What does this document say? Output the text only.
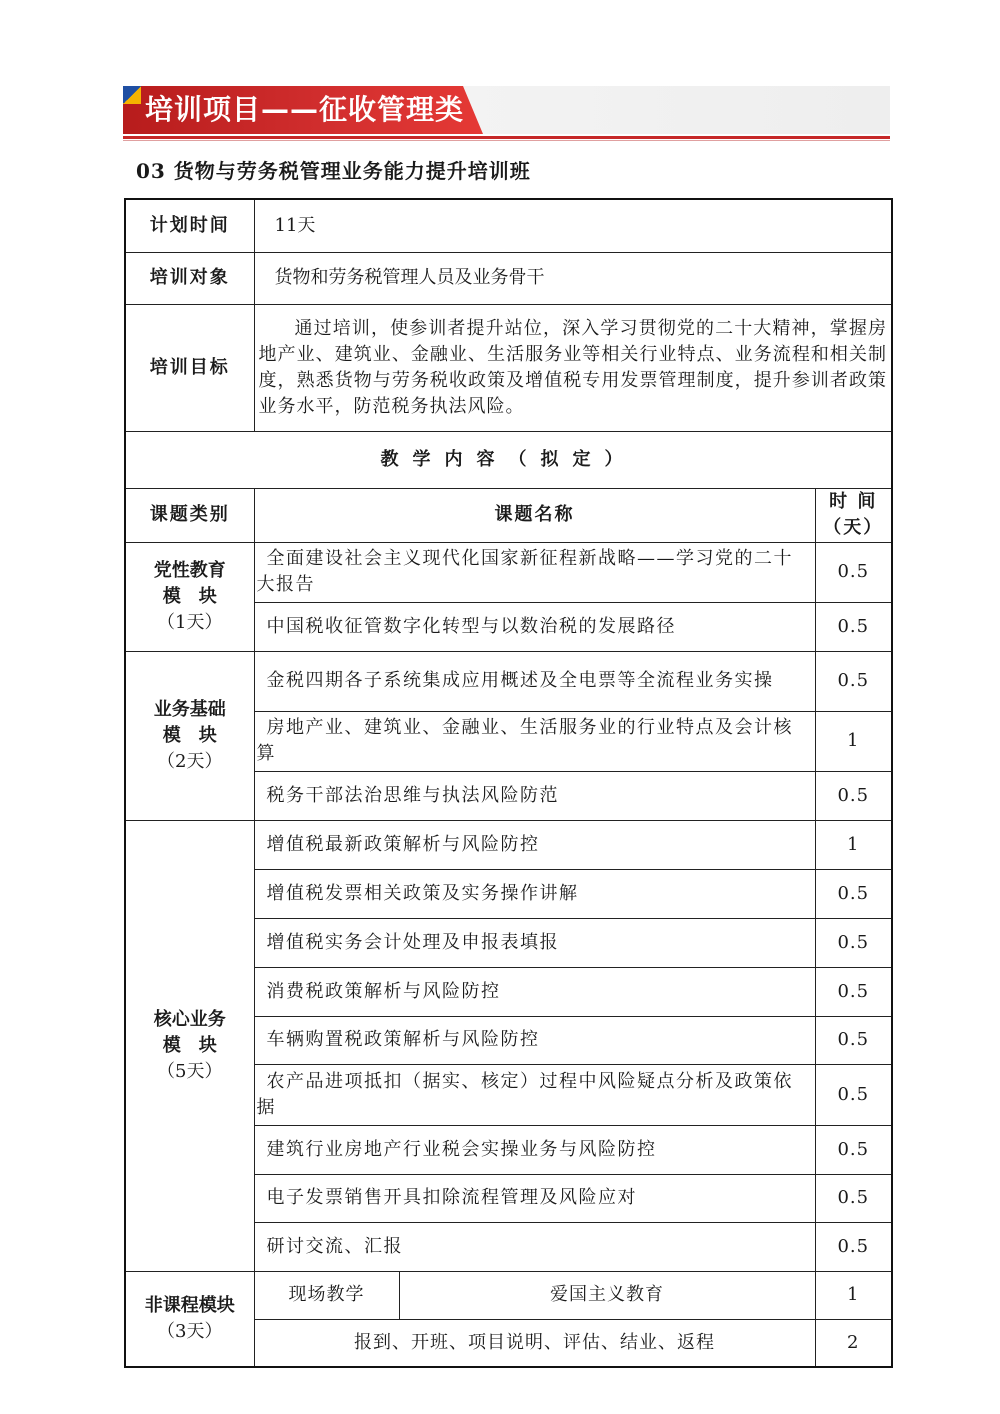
培训项目——征收管理类
03 货物与劳务税管理业务能力提升培训班
计划时间	11天		
培训对象	货物和劳务税管理人员及业务骨干		
培训目标	通过培训，使参训者提升站位，深入学习贯彻党的二十大精神，掌握房地产业、建筑业、金融业、生活服务业等相关行业特点、业务流程和相关制度，熟悉货物与劳务税收政策及增值税专用发票管理制度，提升参训者政策业务水平，防范税务执法风险。		
教学内容（拟定）			
课题类别	课题名称		时 间（天）

党性教育
模　块
（1天）	全面建设社会主义现代化国家新征程新战略——学习党的二十大报告		0.5
	中国税收征管数字化转型与以数治税的发展路径		0.5

业务基础
模　块
（2天）	金税四期各子系统集成应用概述及全电票等全流程业务实操		0.5
	房地产业、建筑业、金融业、生活服务业的行业特点及会计核算		1
	税务干部法治思维与执法风险防范		0.5

核心业务
模　块
（5天）	增值税最新政策解析与风险防控		1
	增值税发票相关政策及实务操作讲解		0.5
	增值税实务会计处理及申报表填报		0.5
	消费税政策解析与风险防控		0.5
	车辆购置税政策解析与风险防控		0.5
	农产品进项抵扣（据实、核定）过程中风险疑点分析及政策依据		0.5
	建筑行业房地产行业税会实操业务与风险防控		0.5
	电子发票销售开具扣除流程管理及风险应对		0.5
	研讨交流、汇报		0.5

非课程模块
（3天）	现场教学	爱国主义教育	1
	报到、开班、项目说明、评估、结业、返程		2
